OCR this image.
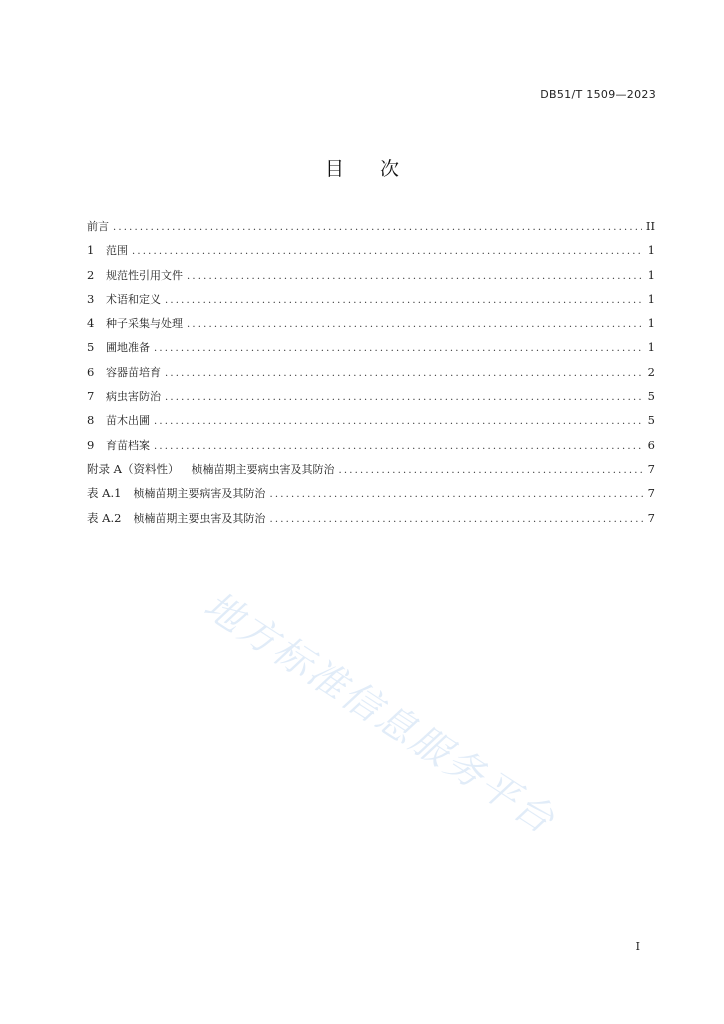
DB51/T 1509—2023
目次
前言 .....	II
1	范围 .....	1
2	规范性引用文件 .....	1
3	术语和定义 .....	1
4	种子采集与处理 .....	1
5	圃地准备 .....	1
6	容器苗培育 .....	2
7	病虫害防治 .....	5
8	苗木出圃 .....	5
9	育苗档案 .....	6
附录 A（资料性） 桢楠苗期主要病虫害及其防治 .....	7
表 A.1 桢楠苗期主要病害及其防治 .....	7
表 A.2 桢楠苗期主要虫害及其防治 .....	7
地方标准信息服务平台
I
